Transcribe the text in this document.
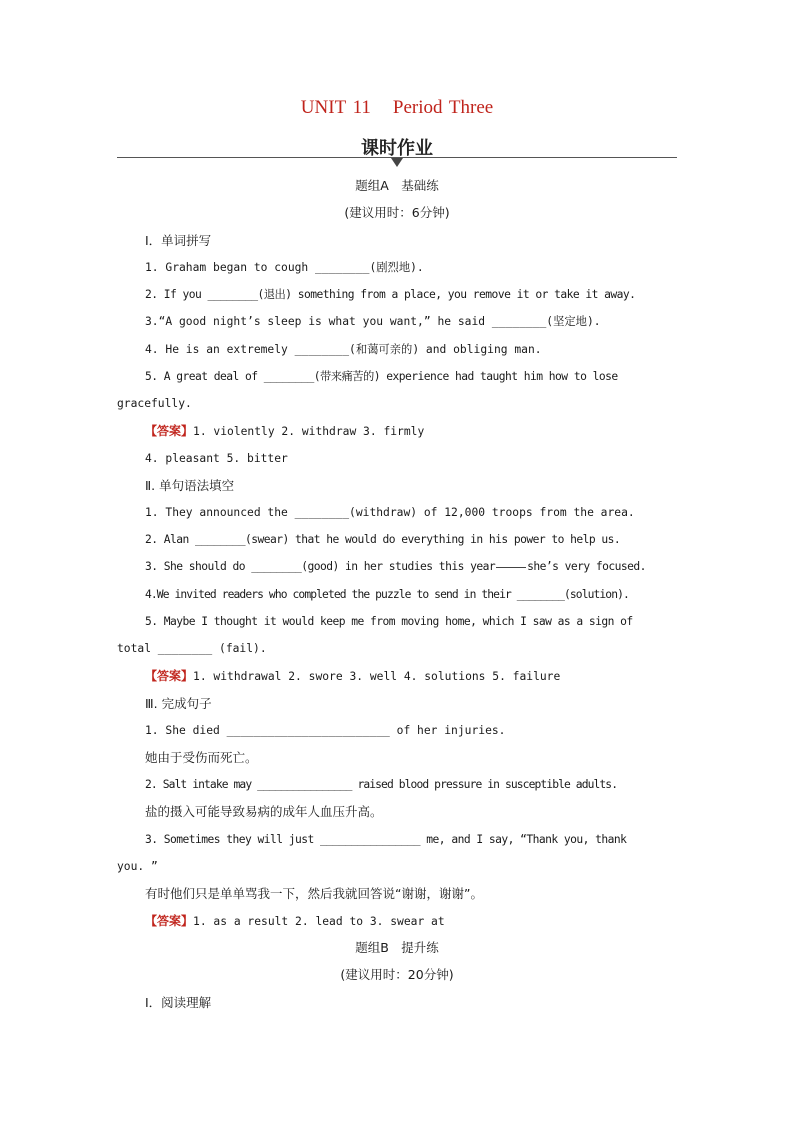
UNIT 11 Period Three
课时作业
题组A　基础练
(建议用时：6分钟)
Ⅰ．单词拼写
1. Graham began to cough ________(剧烈地).
2. If you ________(退出) something from a place, you remove it or take it away.
3.“A good night’s sleep is what you want,” he said ________(坚定地).
4. He is an extremely ________(和蔼可亲的) and obliging man.
5. A great deal of ________(带来痛苦的) experience had taught him how to lose
gracefully.
【答案】1. violently 2. withdraw 3. firmly
4. pleasant 5. bitter
Ⅱ. 单句语法填空
1. They announced the ________(withdraw) of 12,000 troops from the area.
2. Alan ________(swear) that he would do everything in his power to help us.
3. She should do ________(good) in her studies this year	she’s very focused.
4.We invited readers who completed the puzzle to send in their ________(solution).
5. Maybe I thought it would keep me from moving home, which I saw as a sign of
total ________ (fail).
【答案】1. withdrawal 2. swore 3. well 4. solutions 5. failure
Ⅲ. 完成句子
1. She died ________________________ of her injuries.
她由于受伤而死亡。
2. Salt intake may ________________ raised blood pressure in susceptible adults.
盐的摄入可能导致易病的成年人血压升高。
3. Sometimes they will just ________________ me, and I say, “Thank you, thank
you. ”
有时他们只是单单骂我一下，然后我就回答说“谢谢，谢谢”。
【答案】1. as a result 2. lead to 3. swear at
题组B　提升练
(建议用时：20分钟)
Ⅰ．阅读理解
